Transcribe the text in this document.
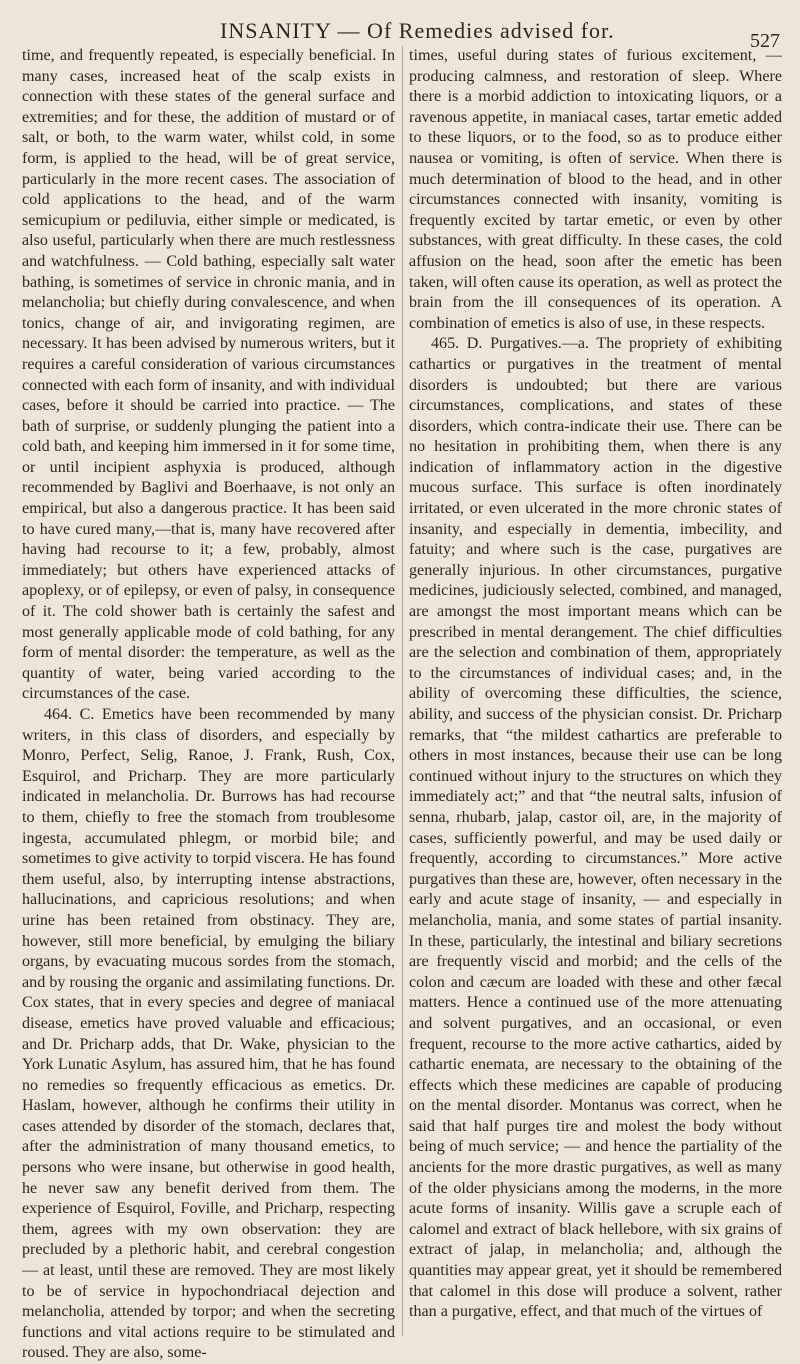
INSANITY — Of Remedies advised for.	527

time, and frequently repeated, is especially beneficial. In many cases, increased heat of the scalp exists in connection with these states of the general surface and extremities; and for these, the addition of mustard or of salt, or both, to the warm water, whilst cold, in some form, is applied to the head, will be of great service, particularly in the more recent cases. The association of cold applications to the head, and of the warm semicupium or pediluvia, either simple or medicated, is also useful, particularly when there are much restlessness and watchfulness. — Cold bathing, especially salt water bathing, is sometimes of service in chronic mania, and in melancholia; but chiefly during convalescence, and when tonics, change of air, and invigorating regimen, are necessary. It has been advised by numerous writers, but it requires a careful consideration of various circumstances connected with each form of insanity, and with individual cases, before it should be carried into practice. — The bath of surprise, or suddenly plunging the patient into a cold bath, and keeping him immersed in it for some time, or until incipient asphyxia is produced, although recommended by Baglivi and Boerhaave, is not only an empirical, but also a dangerous practice. It has been said to have cured many,—that is, many have recovered after having had recourse to it; a few, probably, almost immediately; but others have experienced attacks of apoplexy, or of epilepsy, or even of palsy, in consequence of it. The cold shower bath is certainly the safest and most generally applicable mode of cold bathing, for any form of mental disorder: the temperature, as well as the quantity of water, being varied according to the circumstances of the case.

464. C. Emetics have been recommended by many writers, in this class of disorders, and especially by Monro, Perfect, Selig, Ranoe, J. Frank, Rush, Cox, Esquirol, and Pricharp. They are more particularly indicated in melancholia. Dr. Burrows has had recourse to them, chiefly to free the stomach from troublesome ingesta, accumulated phlegm, or morbid bile; and sometimes to give activity to torpid viscera. He has found them useful, also, by interrupting intense abstractions, hallucinations, and capricious resolutions; and when urine has been retained from obstinacy. They are, however, still more beneficial, by emulging the biliary organs, by evacuating mucous sordes from the stomach, and by rousing the organic and assimilating functions. Dr. Cox states, that in every species and degree of maniacal disease, emetics have proved valuable and efficacious; and Dr. Pricharp adds, that Dr. Wake, physician to the York Lunatic Asylum, has assured him, that he has found no remedies so frequently efficacious as emetics. Dr. Haslam, however, although he confirms their utility in cases attended by disorder of the stomach, declares that, after the administration of many thousand emetics, to persons who were insane, but otherwise in good health, he never saw any benefit derived from them. The experience of Esquirol, Foville, and Pricharp, respecting them, agrees with my own observation: they are precluded by a plethoric habit, and cerebral congestion — at least, until these are removed. They are most likely to be of service in hypochondriacal dejection and melancholia, attended by torpor; and when the secreting functions and vital actions require to be stimulated and roused. They are also, some-

times, useful during states of furious excitement, — producing calmness, and restoration of sleep. Where there is a morbid addiction to intoxicating liquors, or a ravenous appetite, in maniacal cases, tartar emetic added to these liquors, or to the food, so as to produce either nausea or vomiting, is often of service. When there is much determination of blood to the head, and in other circumstances connected with insanity, vomiting is frequently excited by tartar emetic, or even by other substances, with great difficulty. In these cases, the cold affusion on the head, soon after the emetic has been taken, will often cause its operation, as well as protect the brain from the ill consequences of its operation. A combination of emetics is also of use, in these respects.

465. D. Purgatives.—a. The propriety of exhibiting cathartics or purgatives in the treatment of mental disorders is undoubted; but there are various circumstances, complications, and states of these disorders, which contra-indicate their use. There can be no hesitation in prohibiting them, when there is any indication of inflammatory action in the digestive mucous surface. This surface is often inordinately irritated, or even ulcerated in the more chronic states of insanity, and especially in dementia, imbecility, and fatuity; and where such is the case, purgatives are generally injurious. In other circumstances, purgative medicines, judiciously selected, combined, and managed, are amongst the most important means which can be prescribed in mental derangement. The chief difficulties are the selection and combination of them, appropriately to the circumstances of individual cases; and, in the ability of overcoming these difficulties, the science, ability, and success of the physician consist. Dr. Pricharp remarks, that “the mildest cathartics are preferable to others in most instances, because their use can be long continued without injury to the structures on which they immediately act;” and that “the neutral salts, infusion of senna, rhubarb, jalap, castor oil, are, in the majority of cases, sufficiently powerful, and may be used daily or frequently, according to circumstances.” More active purgatives than these are, however, often necessary in the early and acute stage of insanity, — and especially in melancholia, mania, and some states of partial insanity. In these, particularly, the intestinal and biliary secretions are frequently viscid and morbid; and the cells of the colon and cæcum are loaded with these and other fæcal matters. Hence a continued use of the more attenuating and solvent purgatives, and an occasional, or even frequent, recourse to the more active cathartics, aided by cathartic enemata, are necessary to the obtaining of the effects which these medicines are capable of producing on the mental disorder. Montanus was correct, when he said that half purges tire and molest the body without being of much service; — and hence the partiality of the ancients for the more drastic purgatives, as well as many of the older physicians among the moderns, in the more acute forms of insanity. Willis gave a scruple each of calomel and extract of black hellebore, with six grains of extract of jalap, in melancholia; and, although the quantities may appear great, yet it should be remembered that calomel in this dose will produce a solvent, rather than a purgative, effect, and that much of the virtues of
